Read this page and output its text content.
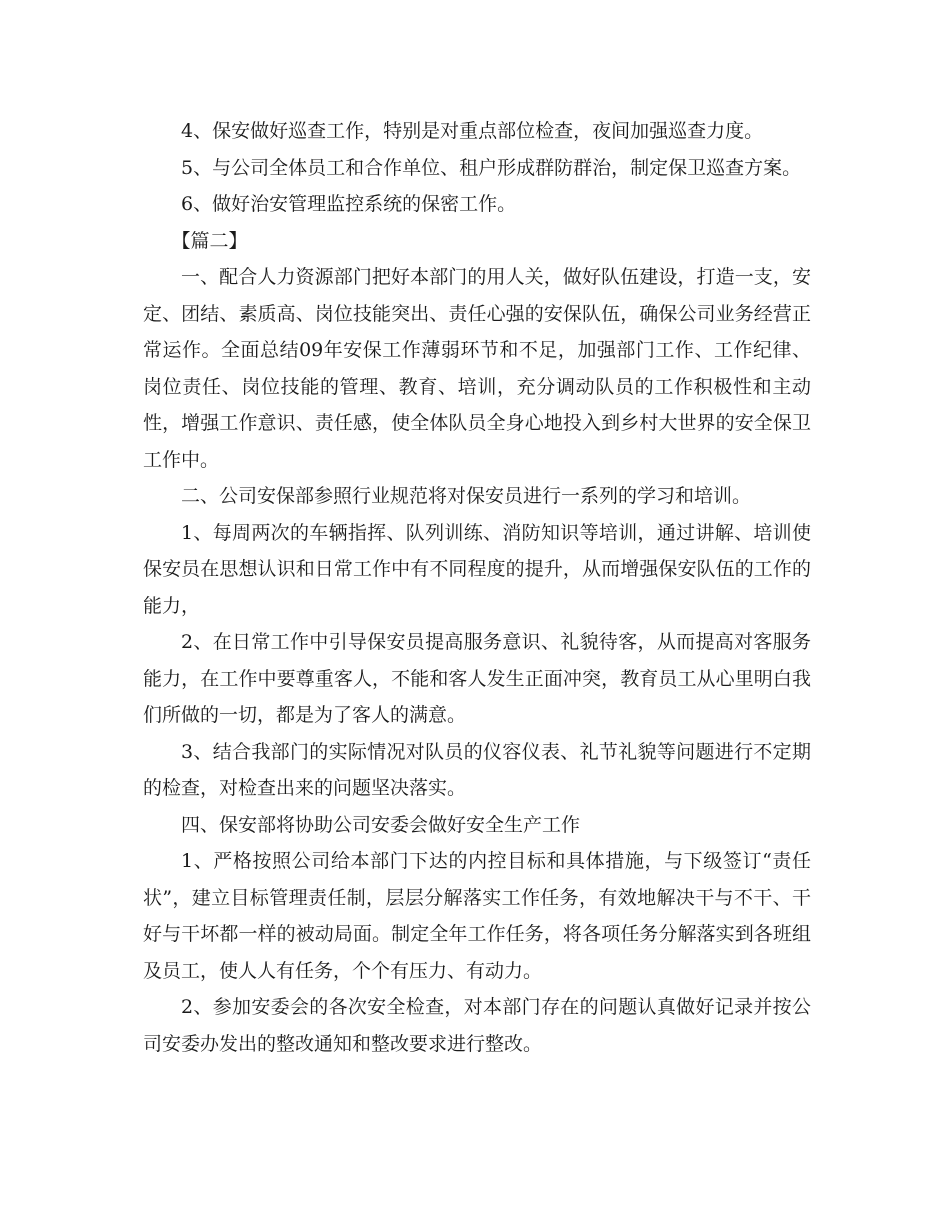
4、保安做好巡查工作，特别是对重点部位检查，夜间加强巡查力度。

5、与公司全体员工和合作单位、租户形成群防群治，制定保卫巡查方案。

6、做好治安管理监控系统的保密工作。

【篇二】

一、配合人力资源部门把好本部门的用人关，做好队伍建设，打造一支，安定、团结、素质高、岗位技能突出、责任心强的安保队伍，确保公司业务经营正常运作。全面总结09年安保工作薄弱环节和不足，加强部门工作、工作纪律、岗位责任、岗位技能的管理、教育、培训，充分调动队员的工作积极性和主动性，增强工作意识、责任感，使全体队员全身心地投入到乡村大世界的安全保卫工作中。

二、公司安保部参照行业规范将对保安员进行一系列的学习和培训。

1、每周两次的车辆指挥、队列训练、消防知识等培训，通过讲解、培训使保安员在思想认识和日常工作中有不同程度的提升，从而增强保安队伍的工作的能力，

2、在日常工作中引导保安员提高服务意识、礼貌待客，从而提高对客服务能力，在工作中要尊重客人，不能和客人发生正面冲突，教育员工从心里明白我们所做的一切，都是为了客人的满意。

3、结合我部门的实际情况对队员的仪容仪表、礼节礼貌等问题进行不定期的检查，对检查出来的问题坚决落实。

四、保安部将协助公司安委会做好安全生产工作

1、严格按照公司给本部门下达的内控目标和具体措施，与下级签订“责任状”，建立目标管理责任制，层层分解落实工作任务，有效地解决干与不干、干好与干坏都一样的被动局面。制定全年工作任务，将各项任务分解落实到各班组及员工，使人人有任务，个个有压力、有动力。

2、参加安委会的各次安全检查，对本部门存在的问题认真做好记录并按公司安委办发出的整改通知和整改要求进行整改。
